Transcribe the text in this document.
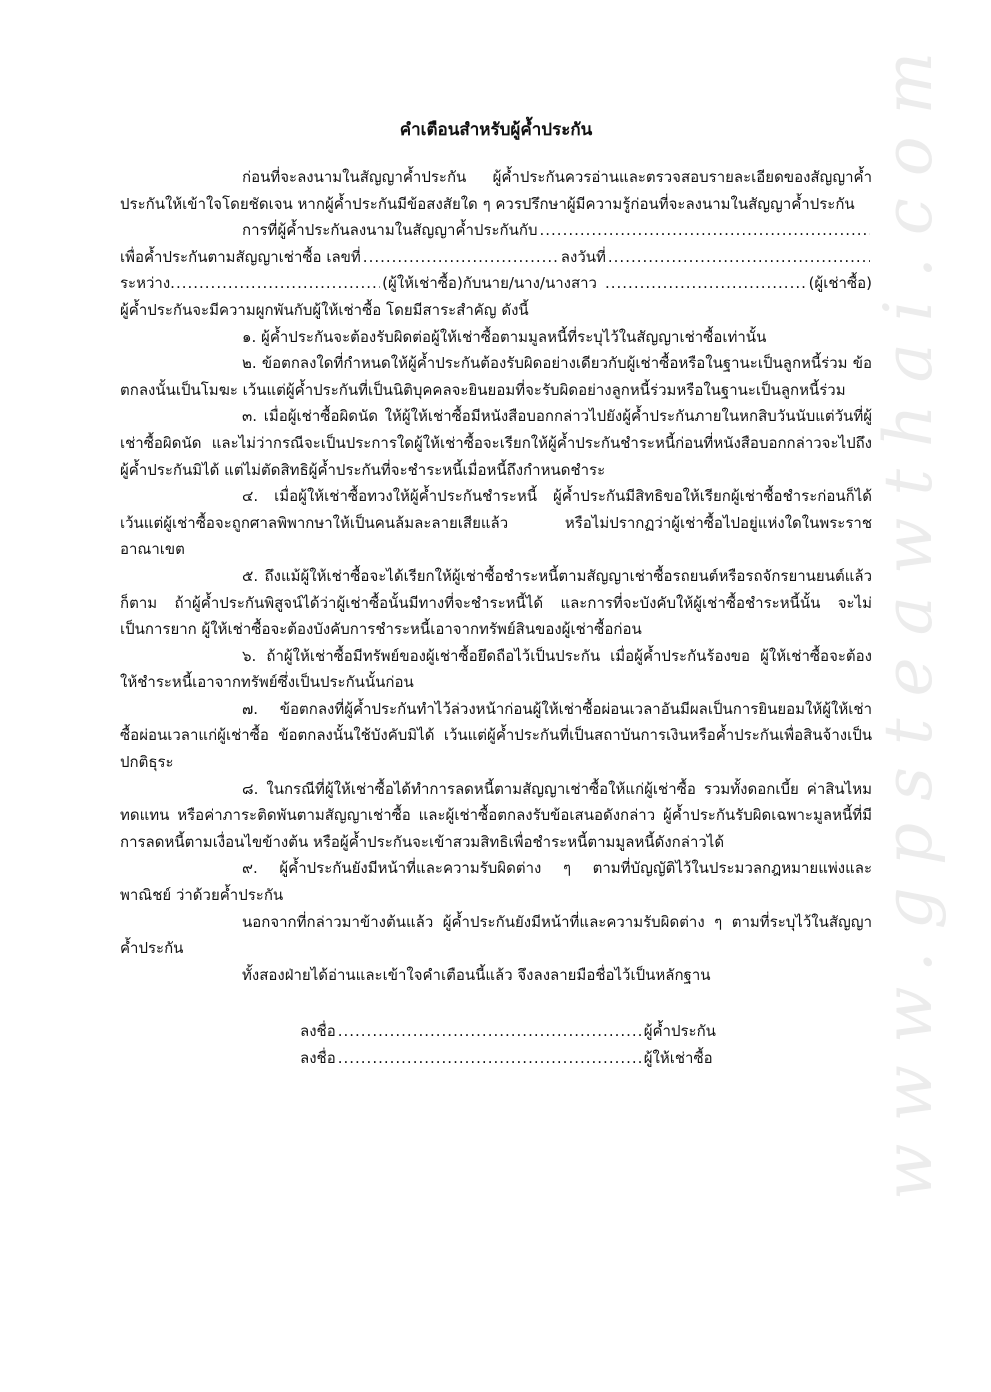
www.gpsteawthai.com
คำเตือนสำหรับผู้ค้ำประกัน

ก่อนที่จะลงนามในสัญญาค้ำประกัน ผู้ค้ำประกันควรอ่านและตรวจสอบรายละเอียดของสัญญาค้ำประกันให้เข้าใจโดยชัดเจน หากผู้ค้ำประกันมีข้อสงสัยใด ๆ ควรปรึกษาผู้มีความรู้ก่อนที่จะลงนามในสัญญาค้ำประกัน

การที่ผู้ค้ำประกันลงนามในสัญญาค้ำประกันกับ
.....
เพื่อค้ำประกันตามสัญญาเช่าซื้อ เลขที่ .....	ลงวันที่
.....
ระหว่าง .....	(ผู้ให้เช่าซื้อ)กับนาย/นาง/นางสาว .....	(ผู้เช่าซื้อ)

ผู้ค้ำประกันจะมีความผูกพันกับผู้ให้เช่าซื้อ โดยมีสาระสำคัญ ดังนี้

๑. ผู้ค้ำประกันจะต้องรับผิดต่อผู้ให้เช่าซื้อตามมูลหนี้ที่ระบุไว้ในสัญญาเช่าซื้อเท่านั้น

๒. ข้อตกลงใดที่กำหนดให้ผู้ค้ำประกันต้องรับผิดอย่างเดียวกับผู้เช่าซื้อหรือในฐานะเป็นลูกหนี้ร่วม ข้อตกลงนั้นเป็นโมฆะ เว้นแต่ผู้ค้ำประกันที่เป็นนิติบุคคลจะยินยอมที่จะรับผิดอย่างลูกหนี้ร่วมหรือในฐานะเป็นลูกหนี้ร่วม

๓. เมื่อผู้เช่าซื้อผิดนัด ให้ผู้ให้เช่าซื้อมีหนังสือบอกกล่าวไปยังผู้ค้ำประกันภายในหกสิบวันนับแต่วันที่ผู้เช่าซื้อผิดนัด และไม่ว่ากรณีจะเป็นประการใดผู้ให้เช่าซื้อจะเรียกให้ผู้ค้ำประกันชำระหนี้ก่อนที่หนังสือบอกกล่าวจะไปถึงผู้ค้ำประกันมิได้ แต่ไม่ตัดสิทธิผู้ค้ำประกันที่จะชำระหนี้เมื่อหนี้ถึงกำหนดชำระ

๔. เมื่อผู้ให้เช่าซื้อทวงให้ผู้ค้ำประกันชำระหนี้ ผู้ค้ำประกันมีสิทธิขอให้เรียกผู้เช่าซื้อชำระก่อนก็ได้ เว้นแต่ผู้เช่าซื้อจะถูกศาลพิพากษาให้เป็นคนล้มละลายเสียแล้ว หรือไม่ปรากฏว่าผู้เช่าซื้อไปอยู่แห่งใดในพระราชอาณาเขต

๕. ถึงแม้ผู้ให้เช่าซื้อจะได้เรียกให้ผู้เช่าซื้อชำระหนี้ตามสัญญาเช่าซื้อรถยนต์หรือรถจักรยานยนต์แล้วก็ตาม ถ้าผู้ค้ำประกันพิสูจน์ได้ว่าผู้เช่าซื้อนั้นมีทางที่จะชำระหนี้ได้ และการที่จะบังคับให้ผู้เช่าซื้อชำระหนี้นั้น จะไม่เป็นการยาก ผู้ให้เช่าซื้อจะต้องบังคับการชำระหนี้เอาจากทรัพย์สินของผู้เช่าซื้อก่อน

๖. ถ้าผู้ให้เช่าซื้อมีทรัพย์ของผู้เช่าซื้อยึดถือไว้เป็นประกัน เมื่อผู้ค้ำประกันร้องขอ ผู้ให้เช่าซื้อจะต้องให้ชำระหนี้เอาจากทรัพย์ซึ่งเป็นประกันนั้นก่อน

๗. ข้อตกลงที่ผู้ค้ำประกันทำไว้ล่วงหน้าก่อนผู้ให้เช่าซื้อผ่อนเวลาอันมีผลเป็นการยินยอมให้ผู้ให้เช่าซื้อผ่อนเวลาแก่ผู้เช่าซื้อ ข้อตกลงนั้นใช้บังคับมิได้ เว้นแต่ผู้ค้ำประกันที่เป็นสถาบันการเงินหรือค้ำประกันเพื่อสินจ้างเป็นปกติธุระ

๘. ในกรณีที่ผู้ให้เช่าซื้อได้ทำการลดหนี้ตามสัญญาเช่าซื้อให้แก่ผู้เช่าซื้อ รวมทั้งดอกเบี้ย ค่าสินไหมทดแทน หรือค่าภาระติดพันตามสัญญาเช่าซื้อ และผู้เช่าซื้อตกลงรับข้อเสนอดังกล่าว ผู้ค้ำประกันรับผิดเฉพาะมูลหนี้ที่มีการลดหนี้ตามเงื่อนไขข้างต้น หรือผู้ค้ำประกันจะเข้าสวมสิทธิเพื่อชำระหนี้ตามมูลหนี้ดังกล่าวได้

๙. ผู้ค้ำประกันยังมีหน้าที่และความรับผิดต่าง ๆ ตามที่บัญญัติไว้ในประมวลกฎหมายแพ่งและพาณิชย์ ว่าด้วยค้ำประกัน

นอกจากที่กล่าวมาข้างต้นแล้ว ผู้ค้ำประกันยังมีหน้าที่และความรับผิดต่าง ๆ ตามที่ระบุไว้ในสัญญาค้ำประกัน

ทั้งสองฝ่ายได้อ่านและเข้าใจคำเตือนนี้แล้ว จึงลงลายมือชื่อไว้เป็นหลักฐาน

ลงชื่อ .....	ผู้ค้ำประกัน
ลงชื่อ .....	ผู้ให้เช่าซื้อ
